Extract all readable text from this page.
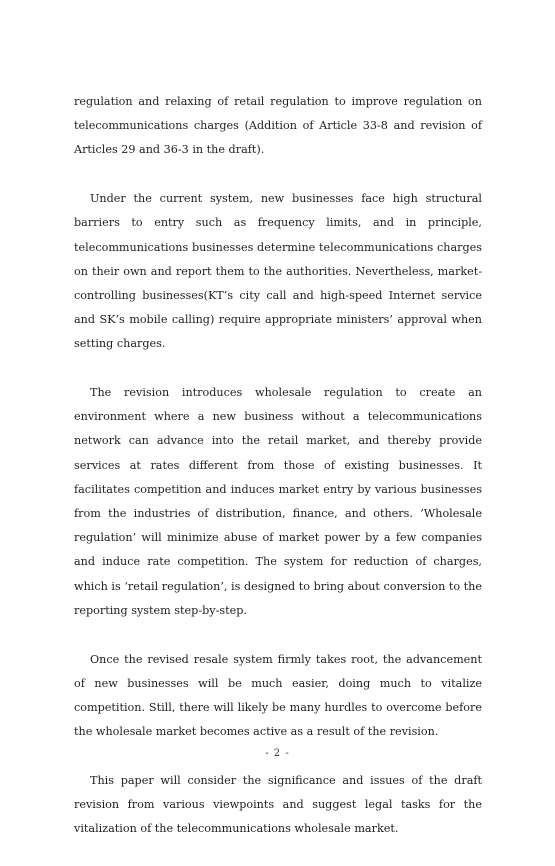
regulation and relaxing of retail regulation to improve regulation on telecommunications charges (Addition of Article 33-8 and revision of Articles 29 and 36-3 in the draft).

Under the current system, new businesses face high structural barriers to entry such as frequency limits, and in principle, telecommunications businesses determine telecommunications charges on their own and report them to the authorities. Nevertheless, market-controlling businesses(KT’s city call and high-speed Internet service and SK’s mobile calling) require appropriate ministers’ approval when setting charges.

The revision introduces wholesale regulation to create an environment where a new business without a telecommunications network can advance into the retail market, and thereby provide services at rates different from those of existing businesses. It facilitates competition and induces market entry by various businesses from the industries of distribution, finance, and others. ’Wholesale regulation’ will minimize abuse of market power by a few companies and induce rate competition. The system for reduction of charges, which is ‘retail regulation’, is designed to bring about conversion to the reporting system step-by-step.

Once the revised resale system firmly takes root, the advancement of new businesses will be much easier, doing much to vitalize competition. Still, there will likely be many hurdles to overcome before the wholesale market becomes active as a result of the revision.

This paper will consider the significance and issues of the draft revision from various viewpoints and suggest legal tasks for the vitalization of the telecommunications wholesale market.

- 2 -
